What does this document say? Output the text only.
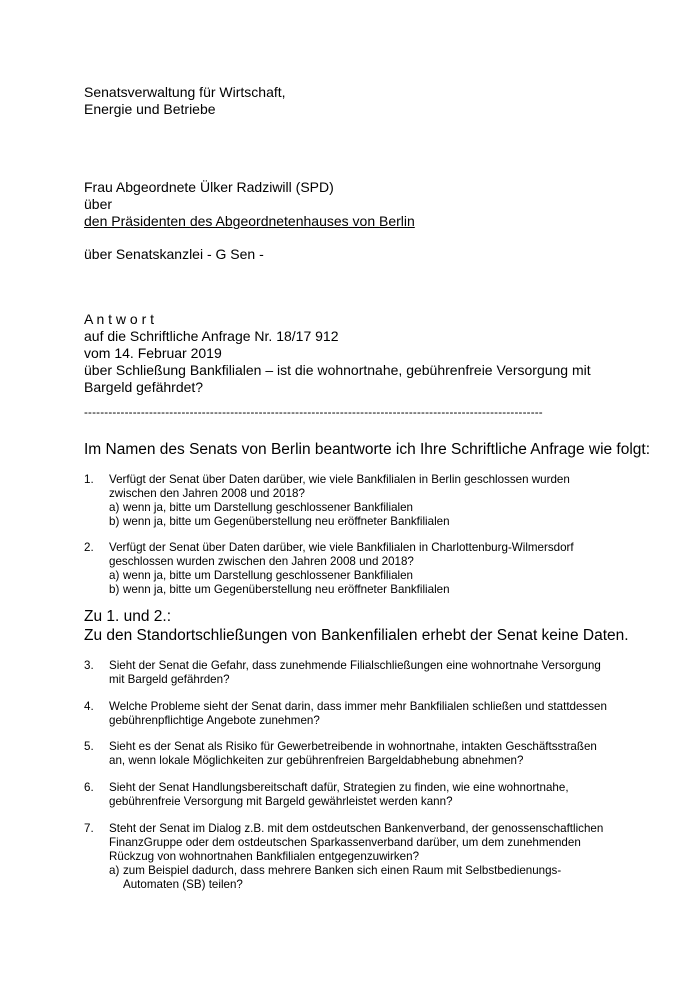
Senatsverwaltung für Wirtschaft,
Energie und Betriebe
Frau Abgeordnete Ülker Radziwill (SPD)
über
den Präsidenten des Abgeordnetenhauses von Berlin
über Senatskanzlei - G Sen -
A n t w o r t
auf die Schriftliche Anfrage Nr. 18/17 912
vom 14. Februar 2019
über Schließung Bankfilialen – ist die wohnortnahe, gebührenfreie Versorgung mit
Bargeld gefährdet?
-----------------------------------------------------------------------------------------------------------------
Im Namen des Senats von Berlin beantworte ich Ihre Schriftliche Anfrage wie folgt:
1. Verfügt der Senat über Daten darüber, wie viele Bankfilialen in Berlin geschlossen wurden
zwischen den Jahren 2008 und 2018?
a) wenn ja, bitte um Darstellung geschlossener Bankfilialen
b) wenn ja, bitte um Gegenüberstellung neu eröffneter Bankfilialen
2. Verfügt der Senat über Daten darüber, wie viele Bankfilialen in Charlottenburg-Wilmersdorf
geschlossen wurden zwischen den Jahren 2008 und 2018?
a) wenn ja, bitte um Darstellung geschlossener Bankfilialen
b) wenn ja, bitte um Gegenüberstellung neu eröffneter Bankfilialen
Zu 1. und 2.:
Zu den Standortschließungen von Bankenfilialen erhebt der Senat keine Daten.
3. Sieht der Senat die Gefahr, dass zunehmende Filialschließungen eine wohnortnahe Versorgung
mit Bargeld gefährden?
4. Welche Probleme sieht der Senat darin, dass immer mehr Bankfilialen schließen und stattdessen
gebührenpflichtige Angebote zunehmen?
5. Sieht es der Senat als Risiko für Gewerbetreibende in wohnortnahe, intakten Geschäftsstraßen
an, wenn lokale Möglichkeiten zur gebührenfreien Bargeldabhebung abnehmen?
6. Sieht der Senat Handlungsbereitschaft dafür, Strategien zu finden, wie eine wohnortnahe,
gebührenfreie Versorgung mit Bargeld gewährleistet werden kann?
7. Steht der Senat im Dialog z.B. mit dem ostdeutschen Bankenverband, der genossenschaftlichen
FinanzGruppe oder dem ostdeutschen Sparkassenverband darüber, um dem zunehmenden
Rückzug von wohnortnahen Bankfilialen entgegenzuwirken?
a) zum Beispiel dadurch, dass mehrere Banken sich einen Raum mit Selbstbedienungs-
Automaten (SB) teilen?
